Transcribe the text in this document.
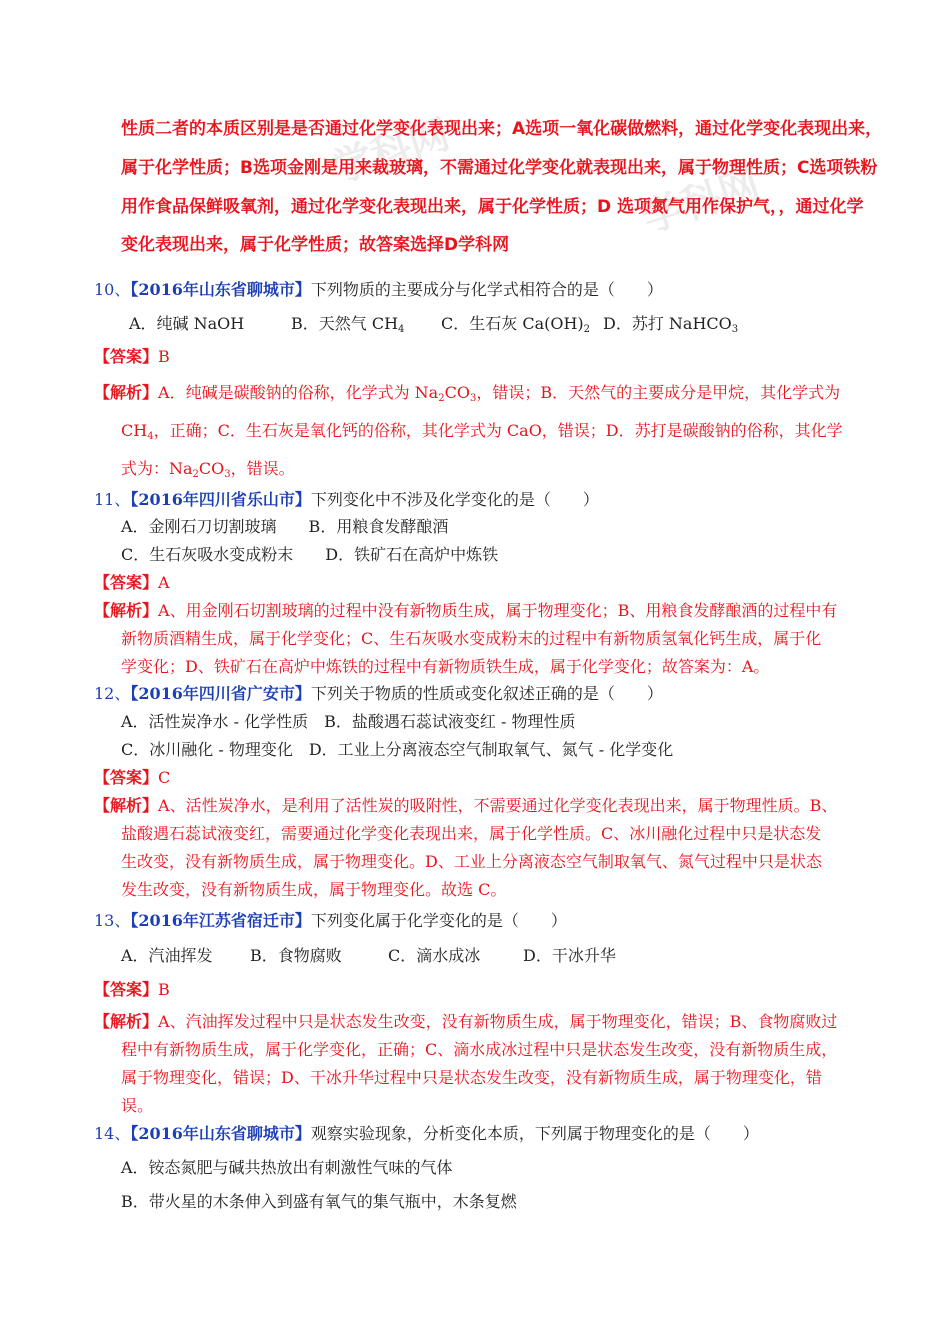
学科网
学科网
性质二者的本质区别是是否通过化学变化表现出来；A选项一氧化碳做燃料，通过化学变化表现出来，
属于化学性质；B选项金刚是用来裁玻璃，不需通过化学变化就表现出来，属于物理性质；C选项铁粉
用作食品保鲜吸氧剂，通过化学变化表现出来，属于化学性质；D 选项氮气用作保护气，，通过化学
变化表现出来，属于化学性质；故答案选择D学科网
10、【2016年山东省聊城市】下列物质的主要成分与化学式相符合的是（　　）
A．纯碱 NaOH	B．天然气 $CH_4$ C．生石灰 $Ca(OH)_2$ D．苏打 NaHCO$_3$
【答案】B
【解析】A．纯碱是碳酸钠的俗称，化学式为 $Na_2CO_3$，错误；B．天然气的主要成分是甲烷，其化学式为
$CH_4$，正确；C．生石灰是氧化钙的俗称，其化学式为 CaO，错误；D．苏打是碳酸钠的俗称，其化学
式为：$Na_2CO_3$，错误。
11、【2016年四川省乐山市】下列变化中不涉及化学变化的是（　　）
A．金刚石刀切割玻璃　　B．用粮食发酵酿酒
C．生石灰吸水变成粉末　　D．铁矿石在高炉中炼铁
【答案】A
【解析】A、用金刚石切割玻璃的过程中没有新物质生成，属于物理变化；B、用粮食发酵酿酒的过程中有
新物质酒精生成，属于化学变化；C、生石灰吸水变成粉末的过程中有新物质氢氧化钙生成，属于化
学变化；D、铁矿石在高炉中炼铁的过程中有新物质铁生成，属于化学变化；故答案为：A。
12、【2016年四川省广安市】下列关于物质的性质或变化叙述正确的是（　　）
A．活性炭净水 - 化学性质　B．盐酸遇石蕊试液变红 - 物理性质
C．冰川融化 - 物理变化　D．工业上分离液态空气制取氧气、氮气 - 化学变化
【答案】C
【解析】A、活性炭净水，是利用了活性炭的吸附性，不需要通过化学变化表现出来，属于物理性质。B、
盐酸遇石蕊试液变红，需要通过化学变化表现出来，属于化学性质。C、冰川融化过程中只是状态发
生改变，没有新物质生成，属于物理变化。D、工业上分离液态空气制取氧气、氮气过程中只是状态
发生改变，没有新物质生成，属于物理变化。故选 C。
13、【2016年江苏省宿迁市】下列变化属于化学变化的是（　　）
A．汽油挥发 B．食物腐败	C．滴水成冰	D．干冰升华
【答案】B
【解析】A、汽油挥发过程中只是状态发生改变，没有新物质生成，属于物理变化，错误；B、食物腐败过
程中有新物质生成，属于化学变化，正确；C、滴水成冰过程中只是状态发生改变，没有新物质生成，
属于物理变化，错误；D、干冰升华过程中只是状态发生改变，没有新物质生成，属于物理变化，错
误。
14、【2016年山东省聊城市】观察实验现象，分析变化本质，下列属于物理变化的是（　　）
A．铵态氮肥与碱共热放出有刺激性气味的气体
B．带火星的木条伸入到盛有氧气的集气瓶中，木条复燃
